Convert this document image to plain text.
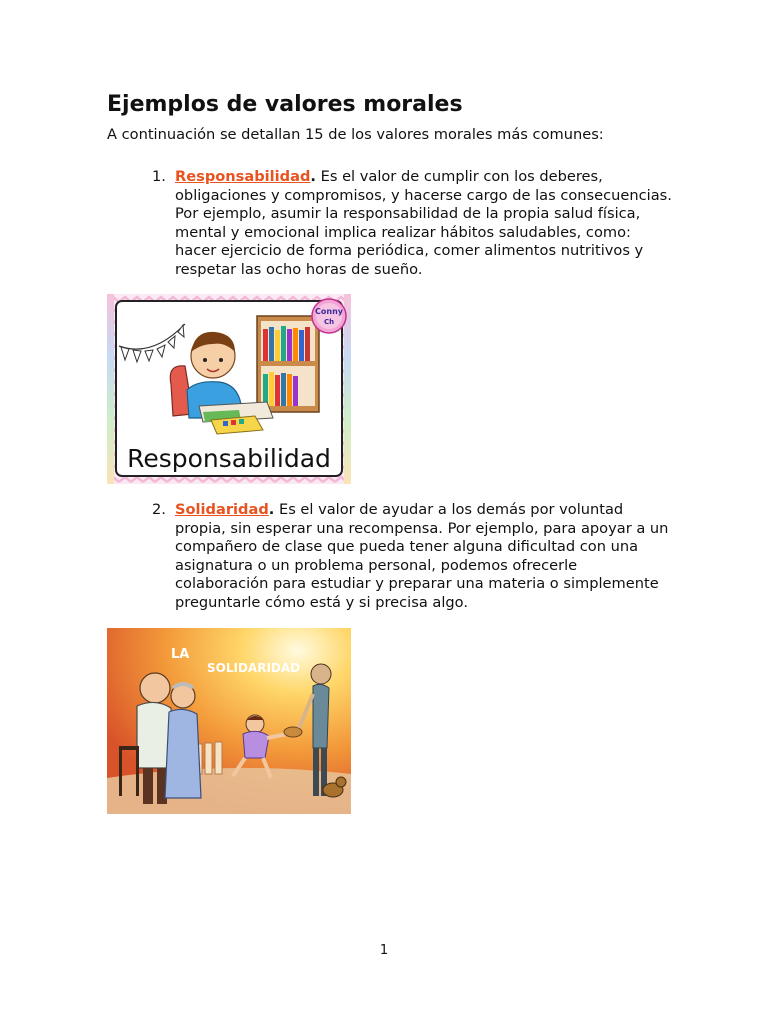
Ejemplos de valores morales

A continuación se detallan 15 de los valores morales más comunes:

1. Responsabilidad. Es el valor de cumplir con los deberes, obligaciones y compromisos, y hacerse cargo de las consecuencias. Por ejemplo, asumir la responsabilidad de la propia salud física, mental y emocional implica realizar hábitos saludables, como: hacer ejercicio de forma periódica, comer alimentos nutritivos y respetar las ocho horas de sueño.
Conny
Ch
Responsabilidad
2. Solidaridad. Es el valor de ayudar a los demás por voluntad propia, sin esperar una recompensa. Por ejemplo, para apoyar a un compañero de clase que pueda tener alguna dificultad con una asignatura o un problema personal, podemos ofrecerle colaboración para estudiar y preparar una materia o simplemente preguntarle cómo está y si precisa algo.
LA
SOLIDARIDAD
1
